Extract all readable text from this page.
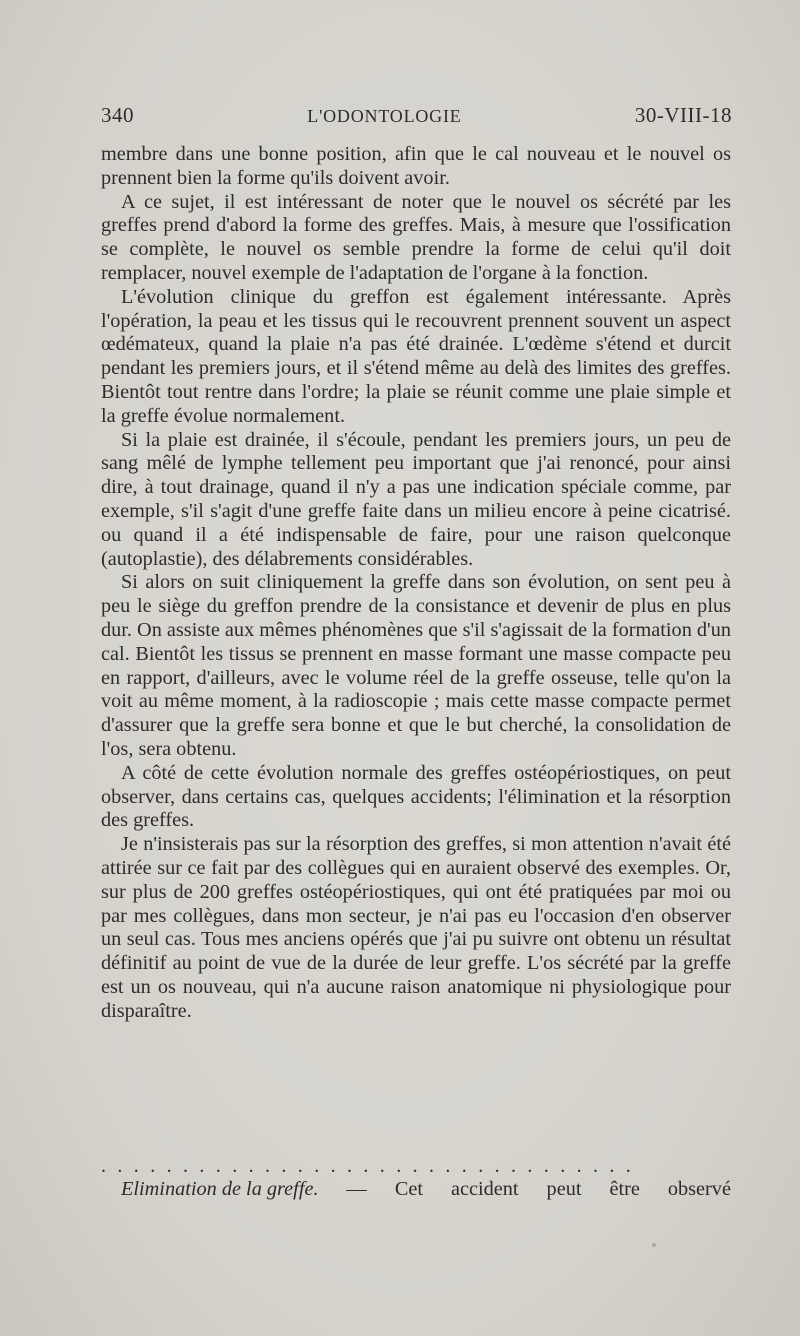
340	L'ODONTOLOGIE	30-VIII-18

membre dans une bonne position, afin que le cal nouveau et le nouvel os prennent bien la forme qu'ils doivent avoir.

A ce sujet, il est intéressant de noter que le nouvel os sécrété par les greffes prend d'abord la forme des greffes. Mais, à mesure que l'ossification se complète, le nouvel os semble prendre la forme de celui qu'il doit remplacer, nouvel exemple de l'adaptation de l'organe à la fonction.

L'évolution clinique du greffon est également intéressante. Après l'opération, la peau et les tissus qui le recouvrent prennent souvent un aspect œdémateux, quand la plaie n'a pas été drainée. L'œdème s'étend et durcit pendant les premiers jours, et il s'étend même au delà des limites des greffes. Bientôt tout rentre dans l'ordre; la plaie se réunit comme une plaie simple et la greffe évolue normalement.

Si la plaie est drainée, il s'écoule, pendant les premiers jours, un peu de sang mêlé de lymphe tellement peu important que j'ai renoncé, pour ainsi dire, à tout drainage, quand il n'y a pas une indication spéciale comme, par exemple, s'il s'agit d'une greffe faite dans un milieu encore à peine cicatrisé. ou quand il a été indispensable de faire, pour une raison quelconque (autoplastie), des délabrements considérables.

Si alors on suit cliniquement la greffe dans son évolution, on sent peu à peu le siège du greffon prendre de la consistance et devenir de plus en plus dur. On assiste aux mêmes phénomènes que s'il s'agissait de la formation d'un cal. Bientôt les tissus se prennent en masse formant une masse compacte peu en rapport, d'ailleurs, avec le volume réel de la greffe osseuse, telle qu'on la voit au même moment, à la radioscopie ; mais cette masse compacte permet d'assurer que la greffe sera bonne et que le but cherché, la consolidation de l'os, sera obtenu.

A côté de cette évolution normale des greffes ostéopériostiques, on peut observer, dans certains cas, quelques accidents; l'élimination et la résorption des greffes.

Je n'insisterais pas sur la résorption des greffes, si mon attention n'avait été attirée sur ce fait par des collègues qui en auraient observé des exemples. Or, sur plus de 200 greffes ostéopériostiques, qui ont été pratiquées par moi ou par mes collègues, dans mon secteur, je n'ai pas eu l'occasion d'en observer un seul cas. Tous mes anciens opérés que j'ai pu suivre ont obtenu un résultat définitif au point de vue de la durée de leur greffe. L'os sécrété par la greffe est un os nouveau, qui n'a aucune raison anatomique ni physiologique pour disparaître.

.................................
Elimination de la greffe. — Cet accident peut être observé
